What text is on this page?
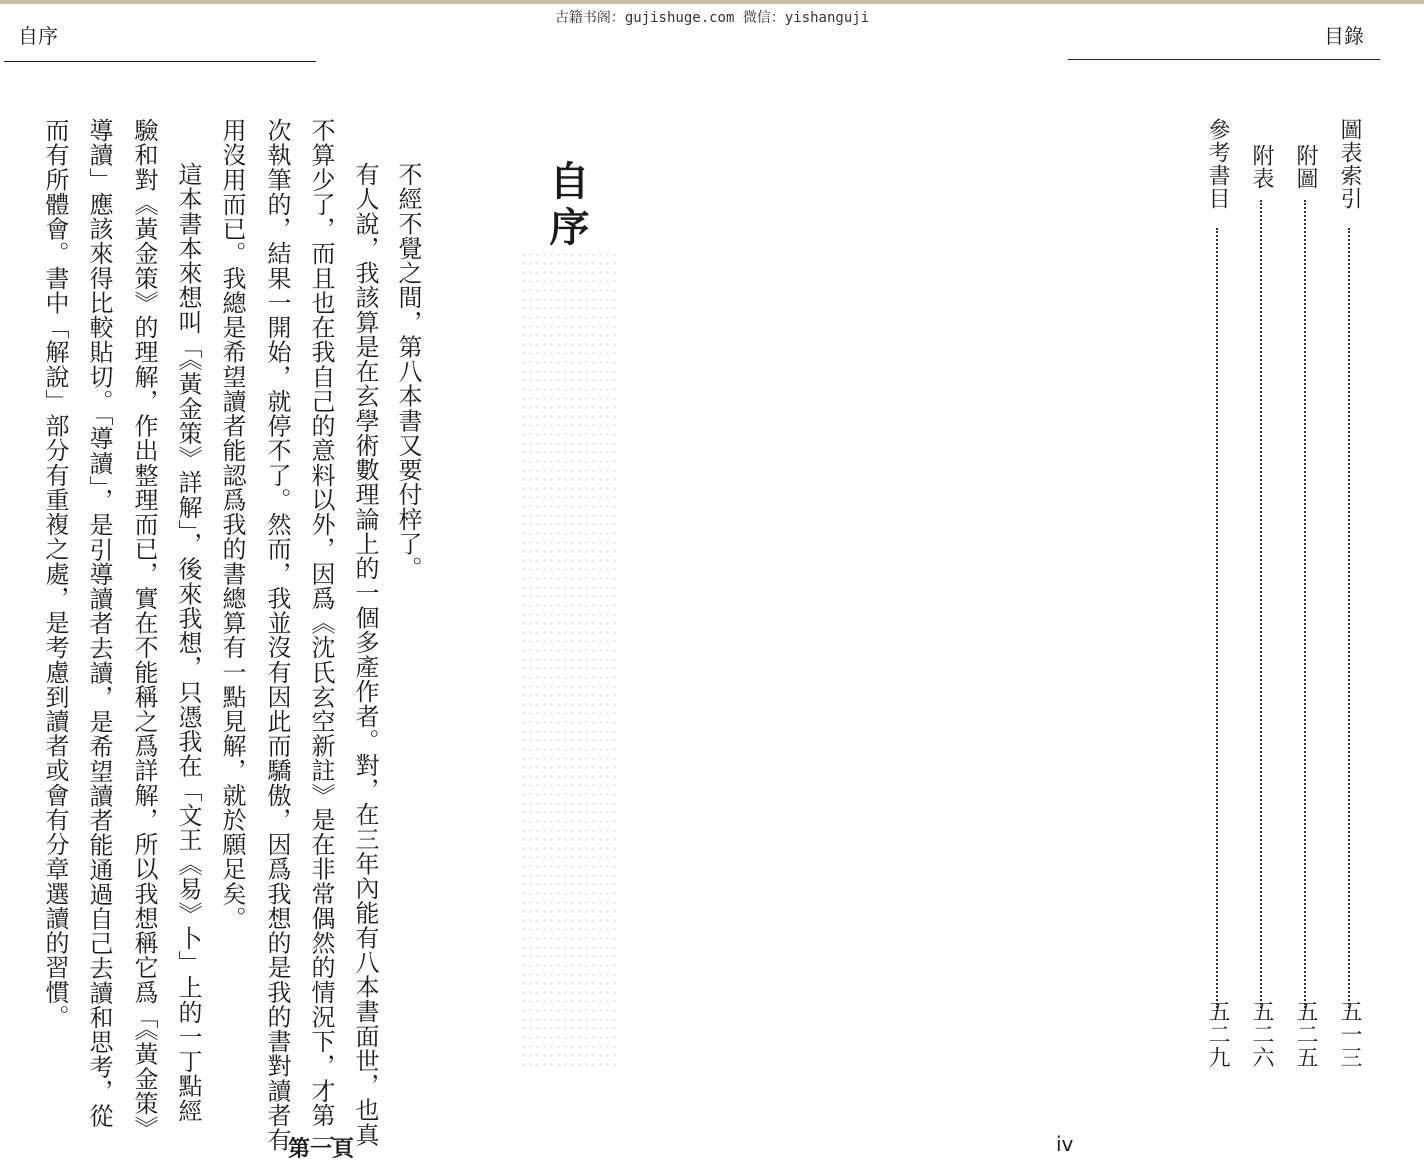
古籍书阁：gujishuge.com 微信：yishanguji
自序	目錄
自序
不經不覺之間，第八本書又要付梓了。
有人說，我該算是在玄學術數理論上的一個多產作者。對，在三年內能有八本書面世，也真
不算少了，而且也在我自己的意料以外，因爲《沈氏玄空新註》是在非常偶然的情況下，才第一
次執筆的，結果一開始，就停不了。然而，我並沒有因此而驕傲，因爲我想的是我的書對讀者有
用沒用而已。我總是希望讀者能認爲我的書總算有一點見解，就於願足矣。
這本書本來想叫「《黃金策》詳解」，後來我想，只憑我在「文王《易》卜」上的一丁點經
驗和對《黃金策》的理解，作出整理而已，實在不能稱之爲詳解，所以我想稱它爲「《黃金策》
導讀」應該來得比較貼切。「導讀」，是引導讀者去讀，是希望讀者能通過自己去讀和思考，從
而有所體會。書中「解說」部分有重複之處，是考慮到讀者或會有分章選讀的習慣。
第一頁
圖表索引
五一三
附圖
五二五
附表
五二六
參考書目
五二九
iv
